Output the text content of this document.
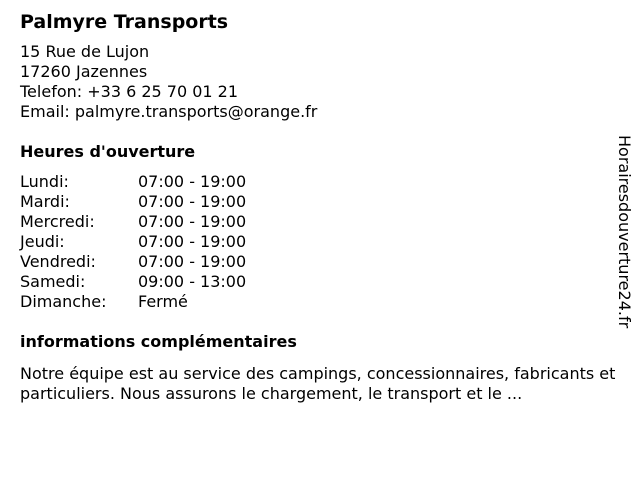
Palmyre Transports
15 Rue de Lujon
17260 Jazennes
Telefon: +33 6 25 70 01 21
Email: palmyre.transports@orange.fr
Heures d'ouverture
Lundi:	07:00 - 19:00
Mardi:	07:00 - 19:00
Mercredi:	07:00 - 19:00
Jeudi:	07:00 - 19:00
Vendredi:	07:00 - 19:00
Samedi:	09:00 - 13:00
Dimanche:	Fermé
informations complémentaires
Notre équipe est au service des campings, concessionnaires, fabricants et particuliers. Nous assurons le chargement, le transport et le ...
Horairesdouverture24.fr
